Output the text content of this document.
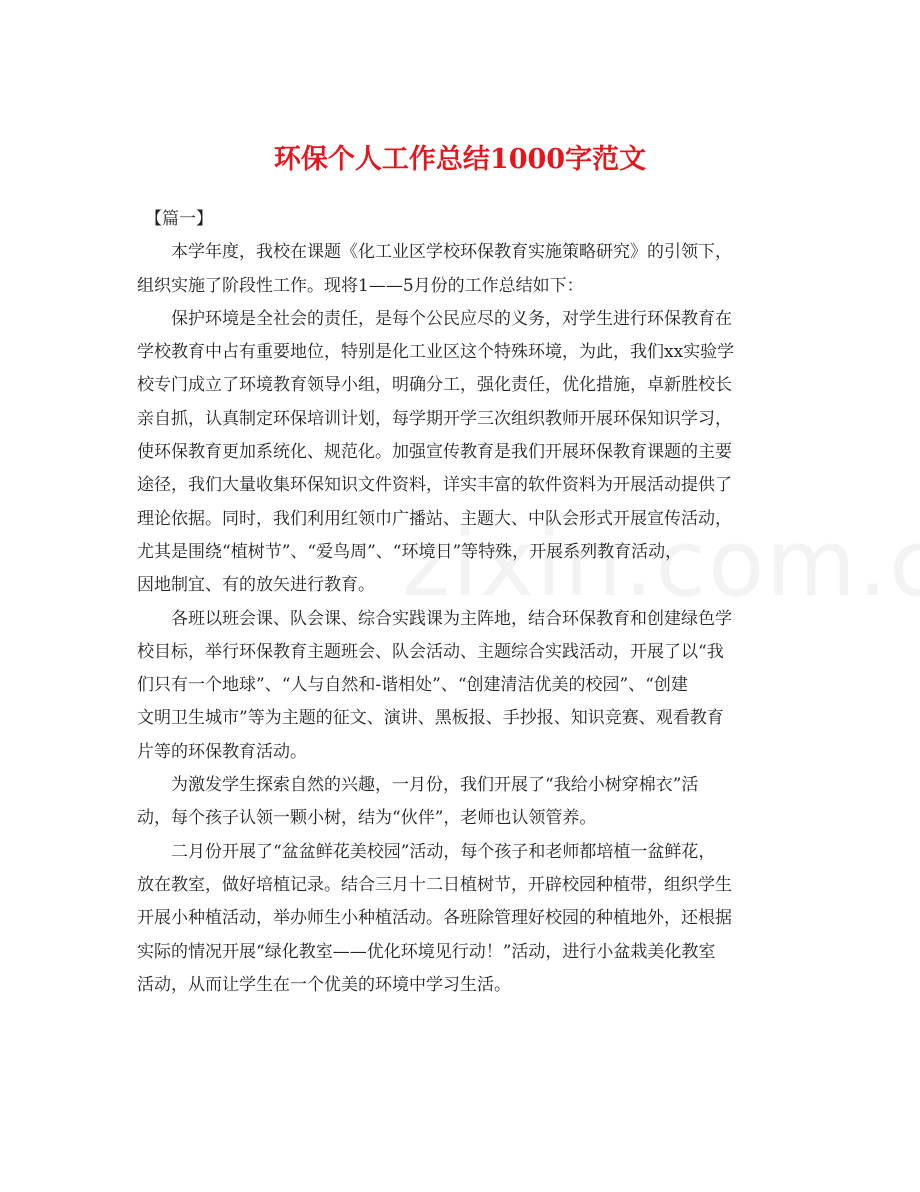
环保个人工作总结1000字范文

【篇一】

本学年度，我校在课题《化工业区学校环保教育实施策略研究》的引领下，
组织实施了阶段性工作。现将1——5月份的工作总结如下：

保护环境是全社会的责任，是每个公民应尽的义务，对学生进行环保教育在
学校教育中占有重要地位，特别是化工业区这个特殊环境，为此，我们xx实验学
校专门成立了环境教育领导小组，明确分工，强化责任，优化措施，卓新胜校长
亲自抓，认真制定环保培训计划，每学期开学三次组织教师开展环保知识学习，
使环保教育更加系统化、规范化。加强宣传教育是我们开展环保教育课题的主要
途径，我们大量收集环保知识文件资料，详实丰富的软件资料为开展活动提供了
理论依据。同时，我们利用红领巾广播站、主题大、中队会形式开展宣传活动，
尤其是围绕“植树节”、“爱鸟周”、“环境日”等特殊，开展系列教育活动，
因地制宜、有的放矢进行教育。

各班以班会课、队会课、综合实践课为主阵地，结合环保教育和创建绿色学
校目标，举行环保教育主题班会、队会活动、主题综合实践活动，开展了以“我
们只有一个地球”、“人与自然和-谐相处”、“创建清洁优美的校园”、“创建
文明卫生城市”等为主题的征文、演讲、黑板报、手抄报、知识竞赛、观看教育
片等的环保教育活动。

为激发学生探索自然的兴趣，一月份，我们开展了“我给小树穿棉衣”活
动，每个孩子认领一颗小树，结为“伙伴”，老师也认领管养。

二月份开展了“盆盆鲜花美校园”活动，每个孩子和老师都培植一盆鲜花，
放在教室，做好培植记录。结合三月十二日植树节，开辟校园种植带，组织学生
开展小种植活动，举办师生小种植活动。各班除管理好校园的种植地外，还根据
实际的情况开展“绿化教室——优化环境见行动！”活动，进行小盆栽美化教室
活动，从而让学生在一个优美的环境中学习生活。
